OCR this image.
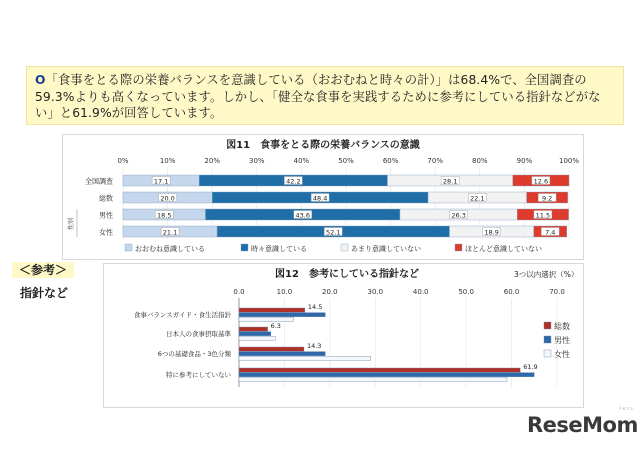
O「食事をとる際の栄養バランスを意識している（おおむねと時々の計）」は68.4%で、全国調査の59.3%よりも高くなっています。しかし、「健全な食事を実践するために参考にしている指針などがない」と61.9%が回答しています。

図11　食事をとる際の栄養バランスの意識
0%	10%	20%	30%	40%	50%	60%	70%	80%	90%	100%
全国調査
総数
男性
女性
性別
17.1	42.2	28.1	12.6
20.0	48.4	22.1	9.2
18.5	43.6	26.3	11.5
21.1	52.1	18.9	7.4
おおむね意識している	時々意識している	あまり意識していない	ほとんど意識していない
＜参考＞
指針など
図12　参考にしている指針など	3つ以内選択（%）
0.0	10.0	20.0	30.0	40.0	50.0	60.0	70.0
食事バランスガイド・食生活指針
14.5
日本人の食事摂取基準
6.3
6つの基礎食品・3色分類
14.3
特に参考にしていない
61.9
総数
男性
女性
ReseMom
リセマム
